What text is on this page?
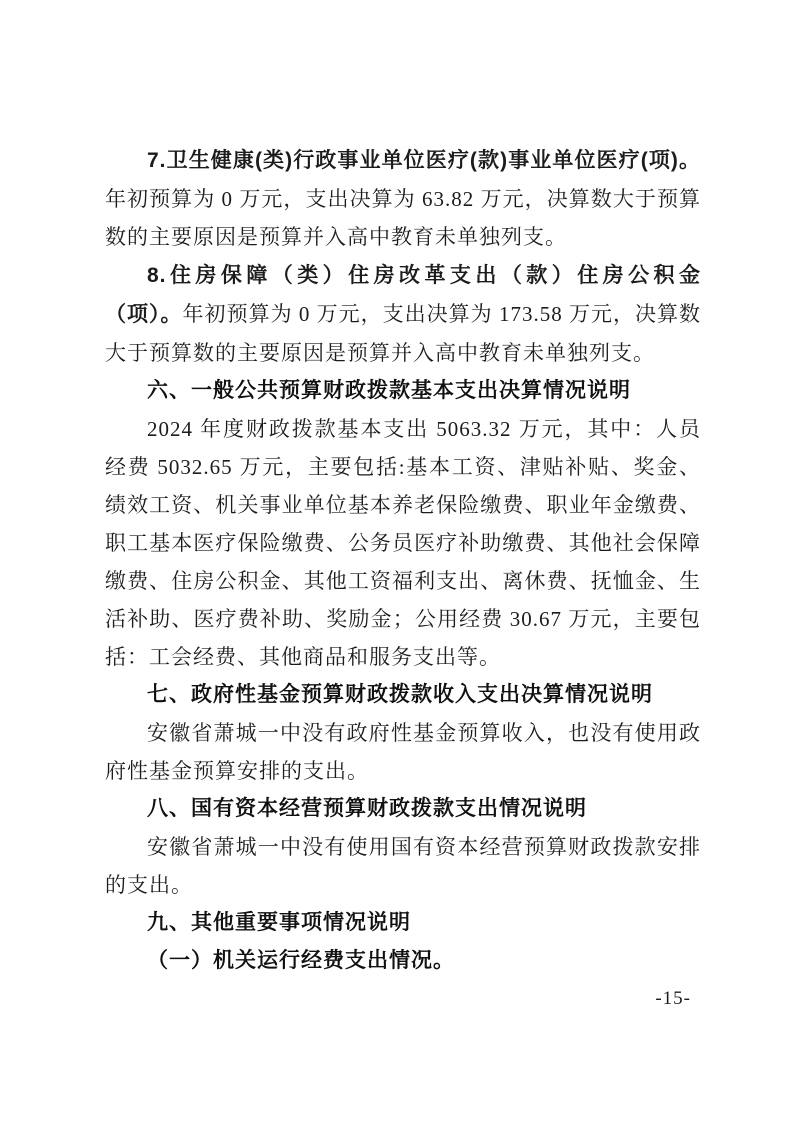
7.卫生健康(类)行政事业单位医疗(款)事业单位医疗(项)。年初预算为 0 万元，支出决算为 63.82 万元，决算数大于预算数的主要原因是预算并入高中教育未单独列支。

8.住房保障（类）住房改革支出（款）住房公积金（项）。年初预算为 0 万元，支出决算为 173.58 万元，决算数大于预算数的主要原因是预算并入高中教育未单独列支。

六、一般公共预算财政拨款基本支出决算情况说明

2024 年度财政拨款基本支出 5063.32 万元，其中：人员经费 5032.65 万元，主要包括:基本工资、津贴补贴、奖金、绩效工资、机关事业单位基本养老保险缴费、职业年金缴费、职工基本医疗保险缴费、公务员医疗补助缴费、其他社会保障缴费、住房公积金、其他工资福利支出、离休费、抚恤金、生活补助、医疗费补助、奖励金；公用经费 30.67 万元，主要包括：工会经费、其他商品和服务支出等。

七、政府性基金预算财政拨款收入支出决算情况说明

安徽省萧城一中没有政府性基金预算收入，也没有使用政府性基金预算安排的支出。

八、国有资本经营预算财政拨款支出情况说明

安徽省萧城一中没有使用国有资本经营预算财政拨款安排的支出。

九、其他重要事项情况说明
（一）机关运行经费支出情况。
-15-
